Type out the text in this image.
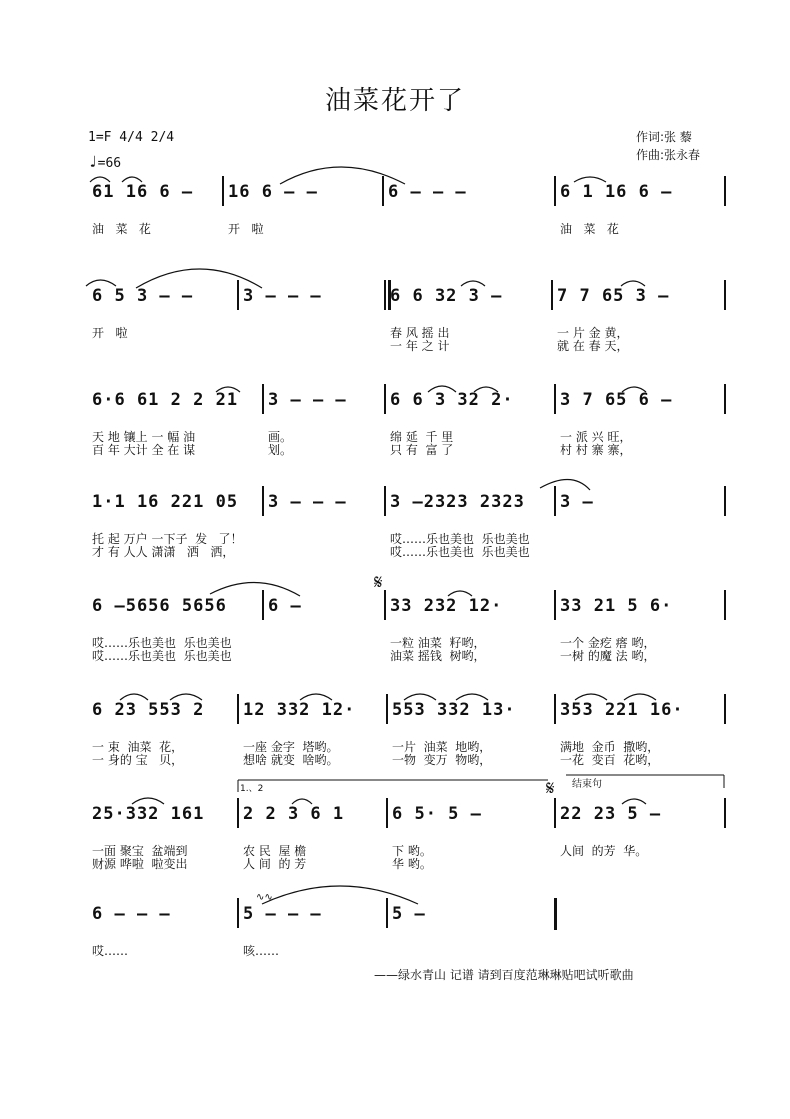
油菜花开了
1=F 4/4 2/4
♩=66
作词:张 藜
作曲:张永春
61 16 6 –
油   菜   花
16 6 – –
开   啦
6 – – –	6 1 16 6 –
油   菜   花
6 5 3 – –
开   啦
3 – – –	6 6 32 3 –
春 风 摇 出
一 年 之 计
7 7 65 3 –
一 片 金 黄，
就 在 春 天，
6·6 61 2 2 21
天 地 镶上 一 幅 油
百 年 大计 全 在 谋
3 – – –
画。
划。
6 6 3 32 2·
绵 延  千 里
只 有  富 了
3 7 65 6 –
一 派 兴 旺，
村 村 寨 寨，
1·1 16 221 05
托 起 万户 一下子  发   了！
才 有 人人 潇潇   洒   洒，
3 – – –	3 –2323 2323
哎……乐也美也  乐也美也
哎……乐也美也  乐也美也
3 –
6 –5656 5656
哎……乐也美也  乐也美也
哎……乐也美也  乐也美也
6 –	33 232 12·
一粒 油菜  籽哟，
油菜 摇钱  树哟，
33 21 5 6·
一个 金疙 瘩 哟，
一树 的魔 法 哟，
6 23 553 2
一 束  油菜  花，
一 身的 宝   贝，
12 332 12·
一座 金字  塔哟。
想啥 就变  啥哟。
553 332 13·
一片  油菜  地哟，
一物  变万  物哟，
353 221 16·
满地  金币  撒哟，
一花  变百  花哟，
25·332 161
一面 聚宝  盆端到
财源 哗啦  啦变出
2 2 3 6 1
农 民  屋 檐
人 间  的 芳
6 5· 5 –
下 哟。
华 哟。
22 23 5 –
人间  的芳  华。
6 – – –
哎……
5 – – –
咳……
5 –
1.、2	结束句
𝄋
𝄋
∿∿
——绿水青山 记谱 请到百度范琳琳贴吧试听歌曲
